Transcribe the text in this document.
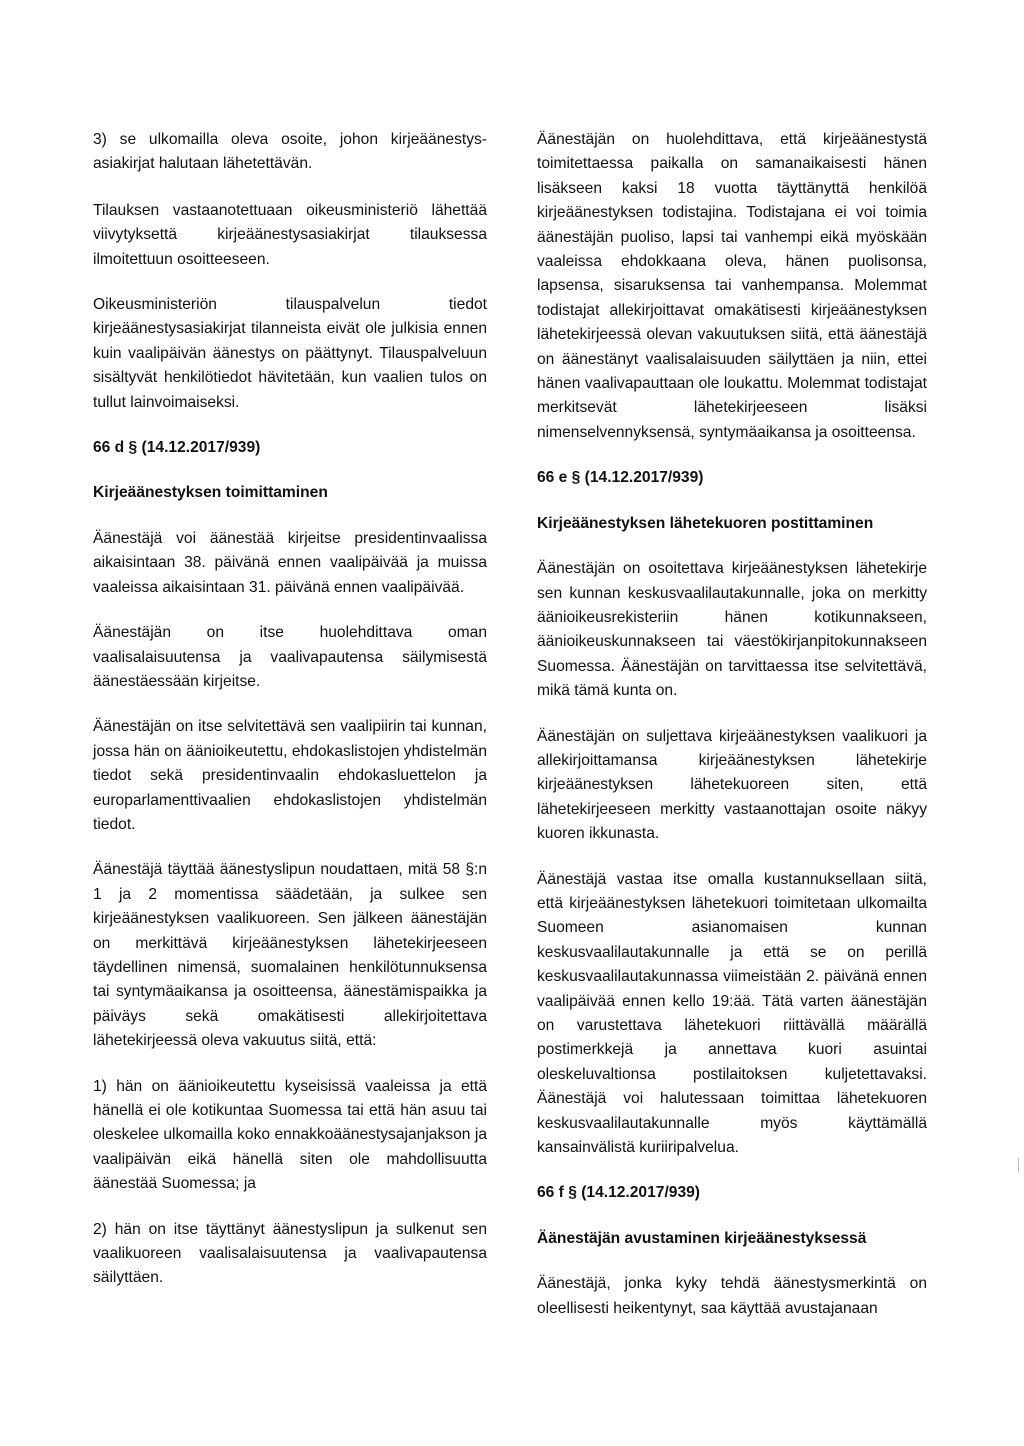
3) se ulkomailla oleva osoite, johon kirjeäänestysasiakirjat halutaan lähetettävän.

Tilauksen vastaanotettuaan oikeusministeriö lähettää viivytyksettä kirjeäänestysasiakirjat tilauksessa ilmoitettuun osoitteeseen.

Oikeusministeriön tilauspalvelun tiedot kirjeäänestysasiakirjat tilanneista eivät ole julkisia ennen kuin vaalipäivän äänestys on päättynyt. Tilauspalveluun sisältyvät henkilötiedot hävitetään, kun vaalien tulos on tullut lainvoimaiseksi.

66 d § (14.12.2017/939)

Kirjeäänestyksen toimittaminen

Äänestäjä voi äänestää kirjeitse presidentinvaalissa aikaisintaan 38. päivänä ennen vaalipäivää ja muissa vaaleissa aikaisintaan 31. päivänä ennen vaalipäivää.

Äänestäjän on itse huolehdittava oman vaalisalaisuutensa ja vaalivapautensa säilymisestä äänestäessään kirjeitse.

Äänestäjän on itse selvitettävä sen vaalipiirin tai kunnan, jossa hän on äänioikeutettu, ehdokaslistojen yhdistelmän tiedot sekä presidentinvaalin ehdokasluettelon ja europarlamenttivaalien ehdokaslistojen yhdistelmän tiedot.

Äänestäjä täyttää äänestyslipun noudattaen, mitä 58 §:n 1 ja 2 momentissa säädetään, ja sulkee sen kirjeäänestyksen vaalikuoreen. Sen jälkeen äänestäjän on merkittävä kirjeäänestyksen lähetekirjeeseen täydellinen nimensä, suomalainen henkilötunnuksensa tai syntymäaikansa ja osoitteensa, äänestämispaikka ja päiväys sekä omakätisesti allekirjoitettava lähetekirjeessä oleva vakuutus siitä, että:

1) hän on äänioikeutettu kyseisissä vaaleissa ja että hänellä ei ole kotikuntaa Suomessa tai että hän asuu tai oleskelee ulkomailla koko ennakkoäänestysajanjakson ja vaalipäivän eikä hänellä siten ole mahdollisuutta äänestää Suomessa; ja

2) hän on itse täyttänyt äänestyslipun ja sulkenut sen vaalikuoreen vaalisalaisuutensa ja vaalivapautensa säilyttäen.

Äänestäjän on huolehdittava, että kirjeäänestystä toimitettaessa paikalla on samanaikaisesti hänen lisäkseen kaksi 18 vuotta täyttänyttä henkilöä kirjeäänestyksen todistajina. Todistajana ei voi toimia äänestäjän puoliso, lapsi tai vanhempi eikä myöskään vaaleissa ehdokkaana oleva, hänen puolisonsa, lapsensa, sisaruksensa tai vanhempansa. Molemmat todistajat allekirjoittavat omakätisesti kirjeäänestyksen lähetekirjeessä olevan vakuutuksen siitä, että äänestäjä on äänestänyt vaalisalaisuuden säilyttäen ja niin, ettei hänen vaalivapauttaan ole loukattu. Molemmat todistajat merkitsevät lähetekirjeeseen lisäksi nimenselvennyksensä, syntymäaikansa ja osoitteensa.

66 e § (14.12.2017/939)

Kirjeäänestyksen lähetekuoren postittaminen

Äänestäjän on osoitettava kirjeäänestyksen lähetekirje sen kunnan keskusvaalilautakunnalle, joka on merkitty äänioikeusrekisteriin hänen kotikunnakseen, äänioikeuskunnakseen tai väestökirjanpitokunnakseen Suomessa. Äänestäjän on tarvittaessa itse selvitettävä, mikä tämä kunta on.

Äänestäjän on suljettava kirjeäänestyksen vaalikuori ja allekirjoittamansa kirjeäänestyksen lähetekirje kirjeäänestyksen lähetekuoreen siten, että lähetekirjeeseen merkitty vastaanottajan osoite näkyy kuoren ikkunasta.

Äänestäjä vastaa itse omalla kustannuksellaan siitä, että kirjeäänestyksen lähetekuori toimitetaan ulkomailta Suomeen asianomaisen kunnan keskusvaalilautakunnalle ja että se on perillä keskusvaalilautakunnassa viimeistään 2. päivänä ennen vaalipäivää ennen kello 19:ää. Tätä varten äänestäjän on varustettava lähetekuori riittävällä määrällä postimerkkejä ja annettava kuori asuintai oleskeluvaltionsa postilaitoksen kuljetettavaksi. Äänestäjä voi halutessaan toimittaa lähetekuoren keskusvaalilautakunnalle myös käyttämällä kansainvälistä kuriiripalvelua.

66 f § (14.12.2017/939)

Äänestäjän avustaminen kirjeäänestyksessä

Äänestäjä, jonka kyky tehdä äänestysmerkintä on oleellisesti heikentynyt, saa käyttää avustajanaan
